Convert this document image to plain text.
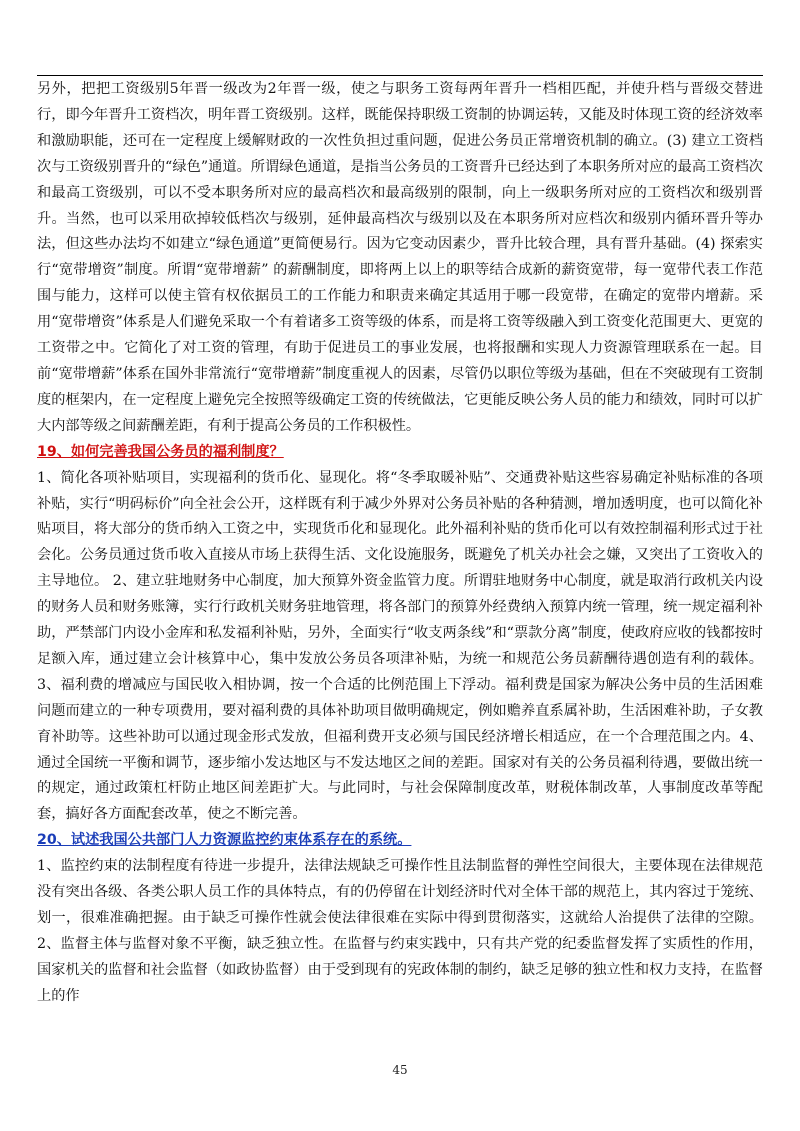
另外，把把工资级别5年晋一级改为2年晋一级，使之与职务工资每两年晋升一档相匹配，并使升档与晋级交替进行，即今年晋升工资档次，明年晋工资级别。这样，既能保持职级工资制的协调运转，又能及时体现工资的经济效率和激励职能，还可在一定程度上缓解财政的一次性负担过重问题，促进公务员正常增资机制的确立。(3) 建立工资档次与工资级别晋升的“绿色”通道。所谓绿色通道，是指当公务员的工资晋升已经达到了本职务所对应的最高工资档次和最高工资级别，可以不受本职务所对应的最高档次和最高级别的限制，向上一级职务所对应的工资档次和级别晋升。当然，也可以采用砍掉较低档次与级别，延伸最高档次与级别以及在本职务所对应档次和级别内循环晋升等办法，但这些办法均不如建立“绿色通道”更简便易行。因为它变动因素少，晋升比较合理，具有晋升基础。(4) 探索实行“宽带增资”制度。所谓“宽带增薪” 的薪酬制度，即将两上以上的职等结合成新的薪资宽带，每一宽带代表工作范围与能力，这样可以使主管有权依据员工的工作能力和职责来确定其适用于哪一段宽带，在确定的宽带内增薪。采用“宽带增资”体系是人们避免采取一个有着诸多工资等级的体系，而是将工资等级融入到工资变化范围更大、更宽的工资带之中。它简化了对工资的管理，有助于促进员工的事业发展，也将报酬和实现人力资源管理联系在一起。目前“宽带增薪”体系在国外非常流行“宽带增薪”制度重视人的因素，尽管仍以职位等级为基础，但在不突破现有工资制度的框架内，在一定程度上避免完全按照等级确定工资的传统做法，它更能反映公务人员的能力和绩效，同时可以扩大内部等级之间薪酬差距，有利于提高公务员的工作积极性。

19、如何完善我国公务员的福利制度？

1、简化各项补贴项目，实现福利的货币化、显现化。将“冬季取暖补贴”、交通费补贴这些容易确定补贴标准的各项补贴，实行“明码标价”向全社会公开，这样既有利于减少外界对公务员补贴的各种猜测，增加透明度，也可以简化补贴项目，将大部分的货币纳入工资之中，实现货币化和显现化。此外福利补贴的货币化可以有效控制福利形式过于社会化。公务员通过货币收入直接从市场上获得生活、文化设施服务，既避免了机关办社会之嫌，又突出了工资收入的主导地位。 2、建立驻地财务中心制度，加大预算外资金监管力度。所谓驻地财务中心制度，就是取消行政机关内设的财务人员和财务账簿，实行行政机关财务驻地管理，将各部门的预算外经费纳入预算内统一管理，统一规定福利补助，严禁部门内设小金库和私发福利补贴，另外，全面实行“收支两条线”和“票款分离”制度，使政府应收的钱都按时足额入库，通过建立会计核算中心，集中发放公务员各项津补贴，为统一和规范公务员薪酬待遇创造有利的载体。 3、福利费的增减应与国民收入相协调，按一个合适的比例范围上下浮动。福利费是国家为解决公务中员的生活困难问题而建立的一种专项费用，要对福利费的具体补助项目做明确规定，例如赡养直系属补助，生活困难补助，子女教育补助等。这些补助可以通过现金形式发放，但福利费开支必须与国民经济增长相适应，在一个合理范围之内。4、通过全国统一平衡和调节，逐步缩小发达地区与不发达地区之间的差距。国家对有关的公务员福利待遇，要做出统一的规定，通过政策杠杆防止地区间差距扩大。与此同时，与社会保障制度改革，财税体制改革，人事制度改革等配套，搞好各方面配套改革，使之不断完善。

20、试述我国公共部门人力资源监控约束体系存在的系统。

1、监控约束的法制程度有待进一步提升，法律法规缺乏可操作性且法制监督的弹性空间很大，主要体现在法律规范没有突出各级、各类公职人员工作的具体特点，有的仍停留在计划经济时代对全体干部的规范上，其内容过于笼统、划一，很难准确把握。由于缺乏可操作性就会使法律很难在实际中得到贯彻落实，这就给人治提供了法律的空隙。2、监督主体与监督对象不平衡，缺乏独立性。在监督与约束实践中，只有共产党的纪委监督发挥了实质性的作用，国家机关的监督和社会监督（如政协监督）由于受到现有的宪政体制的制约，缺乏足够的独立性和权力支持，在监督上的作

45
